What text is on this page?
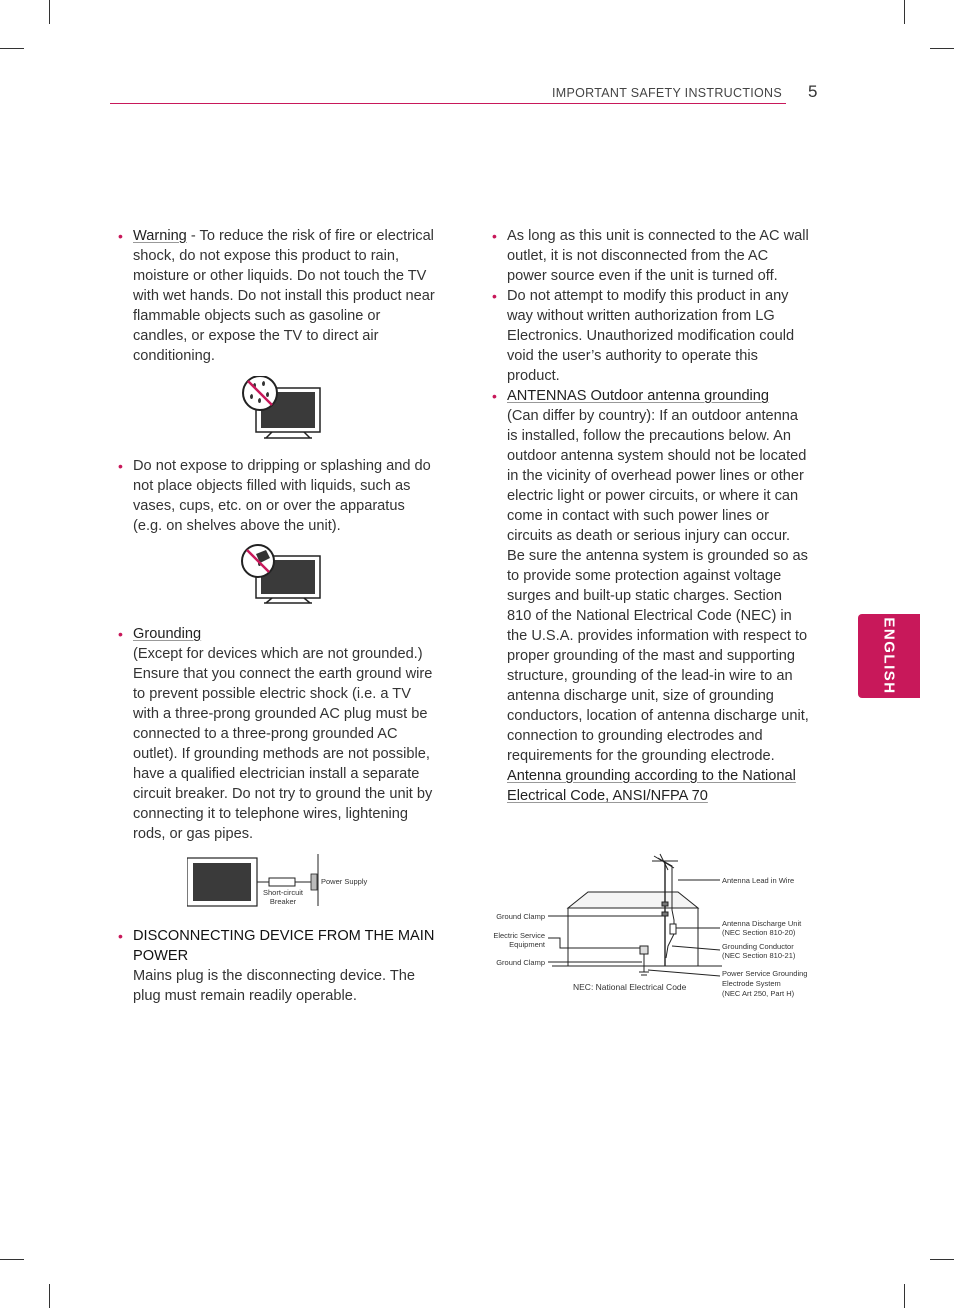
IMPORTANT SAFETY INSTRUCTIONS 5
ENGLISH
• Warning - To reduce the risk of fire or electrical shock, do not expose this product to rain, moisture or other liquids. Do not touch the TV with wet hands. Do not install this product near flammable objects such as gasoline or candles, or expose the TV to direct air conditioning.

• Do not expose to dripping or splashing and do not place objects filled with liquids, such as vases, cups, etc. on or over the apparatus (e.g. on shelves above the unit).

• Grounding

(Except for devices which are not grounded.) Ensure that you connect the earth ground wire to prevent possible electric shock (i.e. a TV with a three-prong grounded AC plug must be connected to a three-prong grounded AC outlet). If grounding methods are not possible, have a qualified electrician install a separate circuit breaker. Do not try to ground the unit by connecting it to telephone wires, lightening rods, or gas pipes.

Short-circuit
Breaker
Power Supply
• DISCONNECTING DEVICE FROM THE MAIN POWER

Mains plug is the disconnecting device. The plug must remain readily operable.

• As long as this unit is connected to the AC wall outlet, it is not disconnected from the AC power source even if the unit is turned off.

• Do not attempt to modify this product in any way without written authorization from LG Electronics. Unauthorized modification could void the user’s authority to operate this product.

• ANTENNAS Outdoor antenna grounding

(Can differ by country): If an outdoor antenna is installed, follow the precautions below. An outdoor antenna system should not be located in the vicinity of overhead power lines or other electric light or power circuits, or where it can come in contact with such power lines or circuits as death or serious injury can occur. Be sure the antenna system is grounded so as to provide some protection against voltage surges and built-up static charges. Section 810 of the National Electrical Code (NEC) in the U.S.A. provides information with respect to proper grounding of the mast and supporting structure, grounding of the lead-in wire to an antenna discharge unit, size of grounding conductors, location of antenna discharge unit, connection to grounding electrodes and requirements for the grounding electrode.

Antenna grounding according to the National Electrical Code, ANSI/NFPA 70

Antenna Lead in Wire
Ground Clamp
Electric Service
Equipment
Ground Clamp
Antenna Discharge Unit
(NEC Section 810-20)
Grounding Conductor
(NEC Section 810-21)
Power Service Grounding
Electrode System
(NEC Art 250, Part H)
NEC: National Electrical Code
